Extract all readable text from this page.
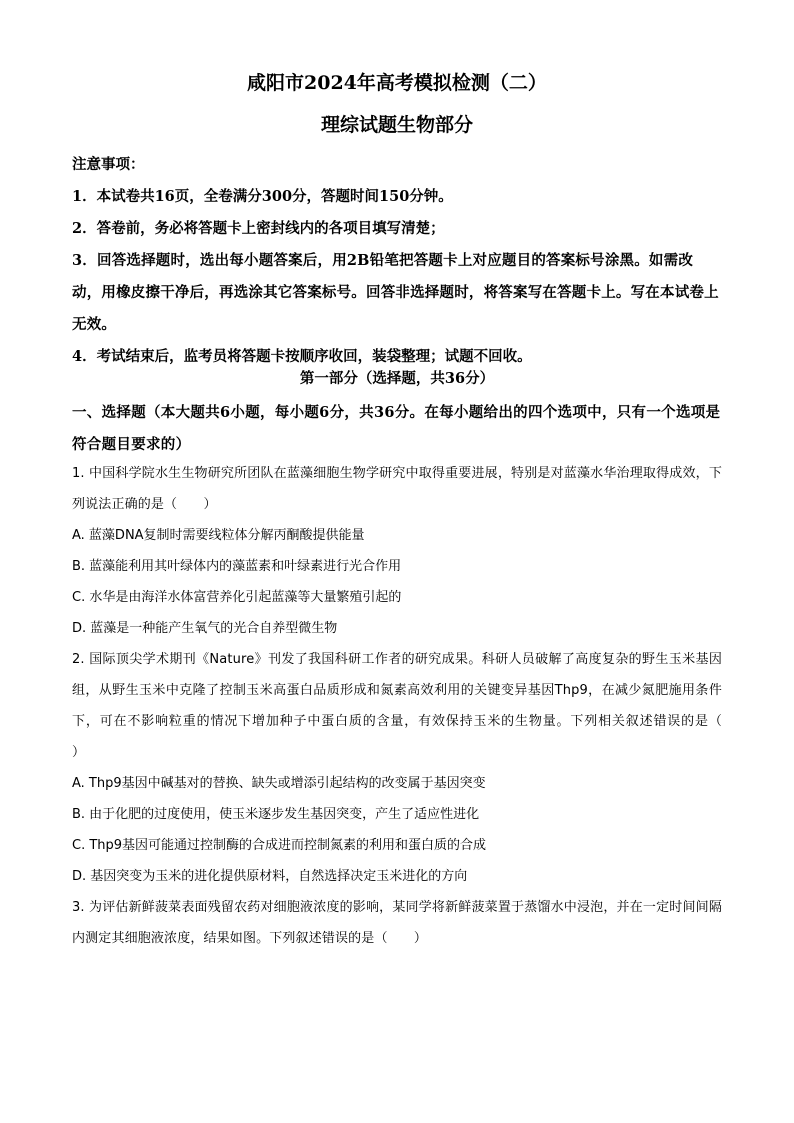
咸阳市2024年高考模拟检测（二）
理综试题生物部分
注意事项：
1．本试卷共16页，全卷满分300分，答题时间150分钟。
2．答卷前，务必将答题卡上密封线内的各项目填写清楚；
3．回答选择题时，选出每小题答案后，用2B铅笔把答题卡上对应题目的答案标号涂黑。如需改动，用橡皮擦干净后，再选涂其它答案标号。回答非选择题时，将答案写在答题卡上。写在本试卷上无效。
4．考试结束后，监考员将答题卡按顺序收回，装袋整理；试题不回收。
第一部分（选择题，共36分）
一、选择题（本大题共6小题，每小题6分，共36分。在每小题给出的四个选项中，只有一个选项是符合题目要求的）
1. 中国科学院水生生物研究所团队在蓝藻细胞生物学研究中取得重要进展，特别是对蓝藻水华治理取得成效，下列说法正确的是（　　）
A. 蓝藻DNA复制时需要线粒体分解丙酮酸提供能量
B. 蓝藻能利用其叶绿体内的藻蓝素和叶绿素进行光合作用
C. 水华是由海洋水体富营养化引起蓝藻等大量繁殖引起的
D. 蓝藻是一种能产生氧气的光合自养型微生物
2. 国际顶尖学术期刊《Nature》刊发了我国科研工作者的研究成果。科研人员破解了高度复杂的野生玉米基因组，从野生玉米中克隆了控制玉米高蛋白品质形成和氮素高效利用的关键变异基因Thp9，在减少氮肥施用条件下，可在不影响粒重的情况下增加种子中蛋白质的含量，有效保持玉米的生物量。下列相关叙述错误的是（　　）
A. Thp9基因中碱基对的替换、缺失或增添引起结构的改变属于基因突变
B. 由于化肥的过度使用，使玉米逐步发生基因突变，产生了适应性进化
C. Thp9基因可能通过控制酶的合成进而控制氮素的利用和蛋白质的合成
D. 基因突变为玉米的进化提供原材料，自然选择决定玉米进化的方向
3. 为评估新鲜菠菜表面残留农药对细胞液浓度的影响，某同学将新鲜菠菜置于蒸馏水中浸泡，并在一定时间间隔内测定其细胞液浓度，结果如图。下列叙述错误的是（　　）
